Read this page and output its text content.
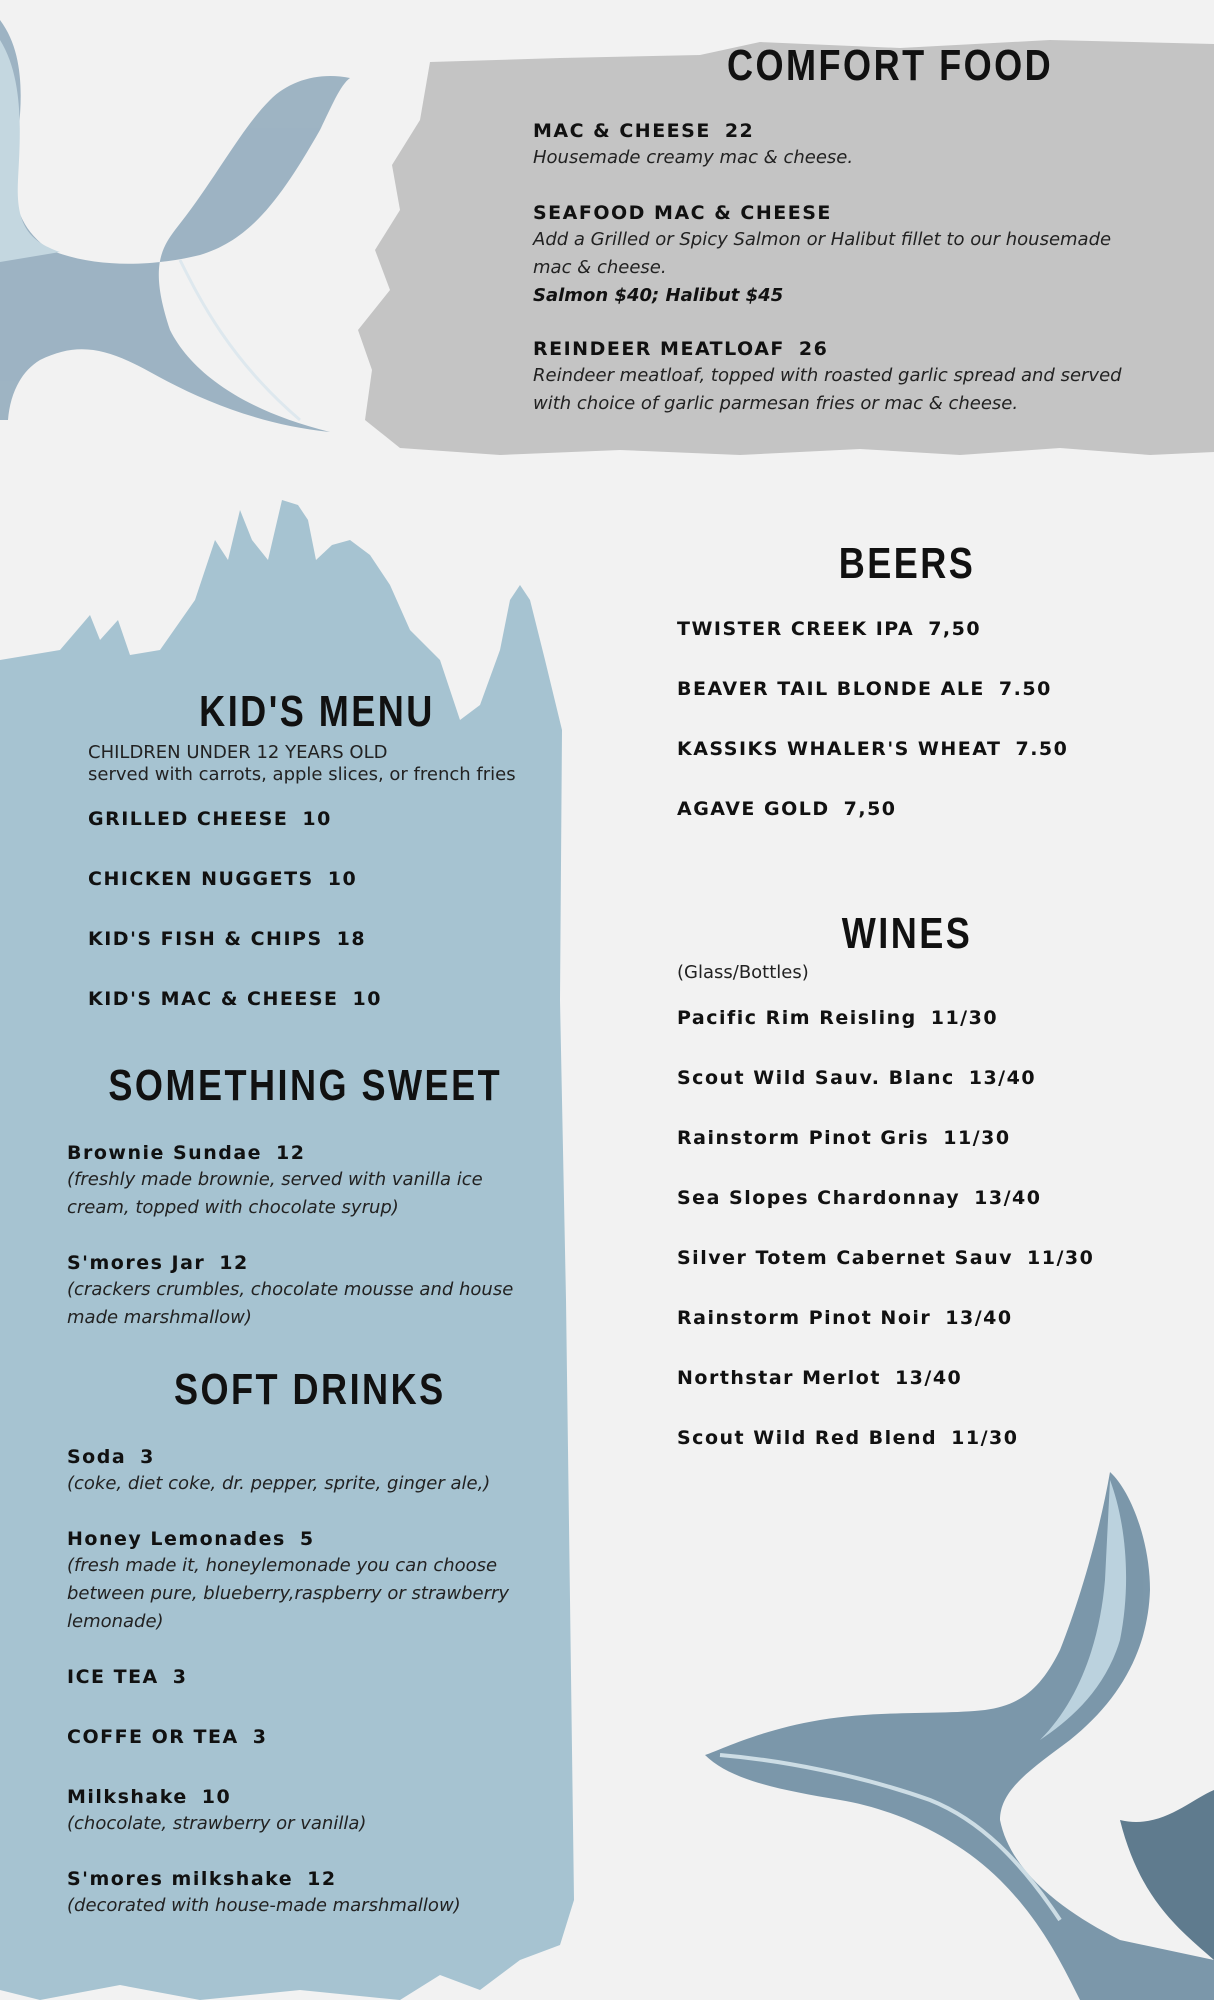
COMFORT FOOD

MAC & CHEESE 22

Housemade creamy mac & cheese.

SEAFOOD MAC & CHEESE

Add a Grilled or Spicy Salmon or Halibut fillet to our housemade mac & cheese.

Salmon $40; Halibut $45

REINDEER MEATLOAF 26

Reindeer meatloaf, topped with roasted garlic spread and served with choice of garlic parmesan fries or mac & cheese.

BEERS

TWISTER CREEK IPA 7,50

BEAVER TAIL BLONDE ALE 7.50

KASSIKS WHALER'S WHEAT 7.50

AGAVE GOLD 7,50

WINES

(Glass/Bottles)

Pacific Rim Reisling 11/30

Scout Wild Sauv. Blanc 13/40

Rainstorm Pinot Gris 11/30

Sea Slopes Chardonnay 13/40

Silver Totem Cabernet Sauv 11/30

Rainstorm Pinot Noir 13/40

Northstar Merlot 13/40

Scout Wild Red Blend 11/30

KID'S MENU

CHILDREN UNDER 12 YEARS OLD

served with carrots, apple slices, or french fries

GRILLED CHEESE 10

CHICKEN NUGGETS 10

KID'S FISH & CHIPS 18

KID'S MAC & CHEESE 10

SOMETHING SWEET

Brownie Sundae 12

(freshly made brownie, served with vanilla ice cream, topped with chocolate syrup)

S'mores Jar 12

(crackers crumbles, chocolate mousse and house made marshmallow)

SOFT DRINKS

Soda 3

(coke, diet coke, dr. pepper, sprite, ginger ale,)

Honey Lemonades 5

(fresh made it, honeylemonade you can choose between pure, blueberry,raspberry or strawberry lemonade)

ICE TEA 3

COFFE OR TEA 3

Milkshake 10

(chocolate, strawberry or vanilla)

S'mores milkshake 12

(decorated with house-made marshmallow)
